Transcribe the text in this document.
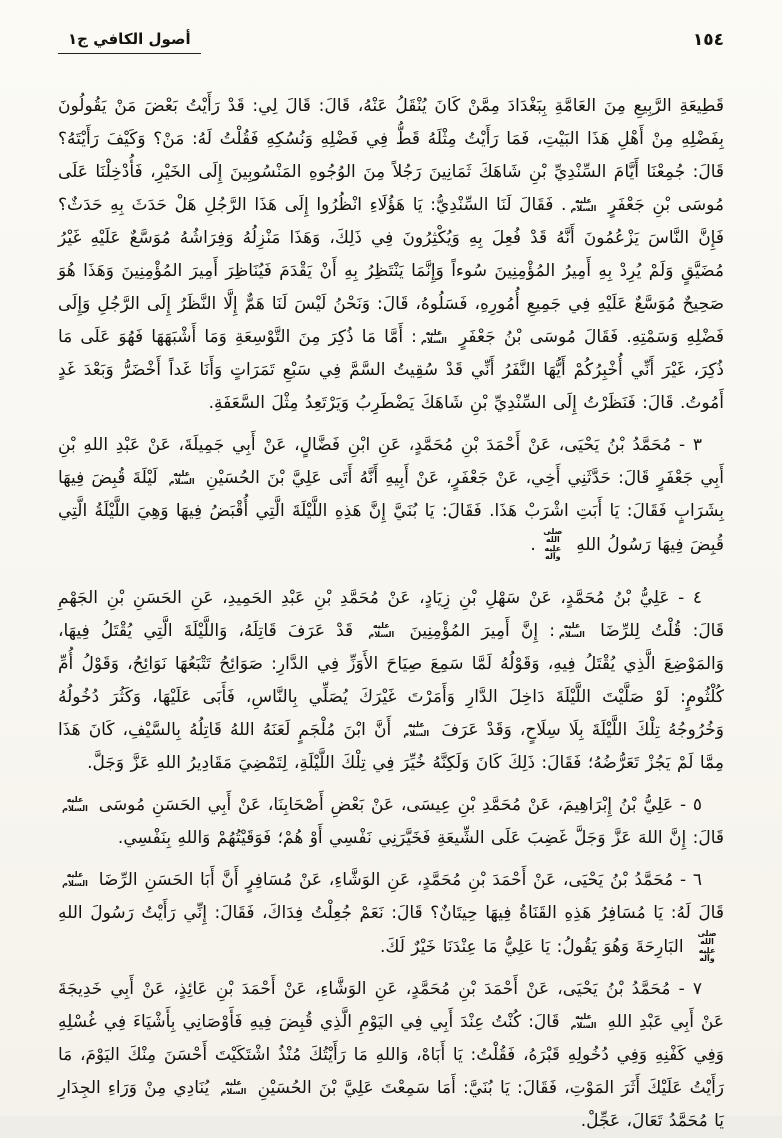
أصول الكافي ج١	١٥٤

قَطِيعَةِ الرَّبِيعِ مِنَ العَامَّةِ بِبَغْدَادَ مِمَّنْ كَانَ يُنْقَلُ عَنْهُ، قَالَ: قَالَ لِي: قَدْ رَأَيْتُ بَعْضَ مَنْ يَقُولُونَ بِفَضْلِهِ مِنْ أَهْلِ هَذَا البَيْتِ، فَمَا رَأَيْتُ مِثْلَهُ قَطُّ فِي فَضْلِهِ وَنُسُكِهِ فَقُلْتُ لَهُ: مَنْ؟ وَكَيْفَ رَأَيْتَهُ؟ قَالَ: جُمِعْنَا أَيَّامَ السِّنْدِيِّ بْنِ شَاهَكَ ثَمَانِينَ رَجُلاً مِنَ الوُجُوهِ المَنْسُوبِينَ إِلَى الخَيْرِ، فَأُدْخِلْنَا عَلَى مُوسَى بْنِ جَعْفَرٍ عليه السلام. فَقَالَ لَنَا السِّنْدِيُّ: يَا هَؤُلَاءِ انْظُرُوا إِلَى هَذَا الرَّجُلِ هَلْ حَدَثَ بِهِ حَدَثٌ؟ فَإِنَّ النَّاسَ يَزْعُمُونَ أَنَّهُ قَدْ فُعِلَ بِهِ وَيُكْثِرُونَ فِي ذَلِكَ، وَهَذَا مَنْزِلُهُ وَفِرَاشُهُ مُوَسَّعٌ عَلَيْهِ غَيْرُ مُضَيَّقٍ وَلَمْ يُرِدْ بِهِ أَمِيرُ المُؤْمِنِينَ سُوءاً وَإِنَّمَا يَنْتَظِرُ بِهِ أَنْ يَقْدَمَ فَيُنَاظِرَ أَمِيرَ المُؤْمِنِينَ وَهَذَا هُوَ صَحِيحٌ مُوَسَّعٌ عَلَيْهِ فِي جَمِيعِ أُمُورِهِ، فَسَلُوهُ، قَالَ: وَنَحْنُ لَيْسَ لَنَا هَمٌّ إِلَّا النَّظَرُ إِلَى الرَّجُلِ وَإِلَى فَضْلِهِ وَسَمْتِهِ. فَقَالَ مُوسَى بْنُ جَعْفَرٍ عليه السلام: أَمَّا مَا ذُكِرَ مِنَ التَّوْسِعَةِ وَمَا أَشْبَهَهَا فَهُوَ عَلَى مَا ذُكِرَ، غَيْرَ أَنِّي أُخْبِرُكُمْ أَيُّهَا النَّفَرُ أَنِّي قَدْ سُقِيتُ السَّمَّ فِي سَبْعِ تَمَرَاتٍ وَأَنَا غَداً أَخْضَرُّ وَبَعْدَ غَدٍ أَمُوتُ. قَالَ: فَنَظَرْتُ إِلَى السِّنْدِيِّ بْنِ شَاهَكَ يَضْطَرِبُ وَيَرْتَعِدُ مِثْلَ السَّعَفَةِ.

٣ - مُحَمَّدُ بْنُ يَحْيَى، عَنْ أَحْمَدَ بْنِ مُحَمَّدٍ، عَنِ ابْنِ فَضَّالٍ، عَنْ أَبِي جَمِيلَةَ، عَنْ عَبْدِ اللهِ بْنِ أَبِي جَعْفَرٍ قَالَ: حَدَّثَنِي أَخِي، عَنْ جَعْفَرٍ، عَنْ أَبِيهِ أَنَّهُ أَتَى عَلِيَّ بْنَ الحُسَيْنِ عليه السلام لَيْلَةَ قُبِضَ فِيهَا بِشَرَابٍ فَقَالَ: يَا أَبَتِ اشْرَبْ هَذَا. فَقَالَ: يَا بُنَيَّ إِنَّ هَذِهِ اللَّيْلَةَ الَّتِي أُقْبَضُ فِيهَا وَهِيَ اللَّيْلَةُ الَّتِي قُبِضَ فِيهَا رَسُولُ اللهِ صلى الله عليه وآله.

٤ - عَلِيُّ بْنُ مُحَمَّدٍ، عَنْ سَهْلِ بْنِ زِيَادٍ، عَنْ مُحَمَّدِ بْنِ عَبْدِ الحَمِيدِ، عَنِ الحَسَنِ بْنِ الجَهْمِ قَالَ: قُلْتُ لِلرِّضَا عليه السلام: إِنَّ أَمِيرَ المُؤْمِنِينَ عليه السلام قَدْ عَرَفَ قَاتِلَهُ، وَاللَّيْلَةَ الَّتِي يُقْتَلُ فِيهَا، وَالمَوْضِعَ الَّذِي يُقْتَلُ فِيهِ، وَقَوْلُهُ لَمَّا سَمِعَ صِيَاحَ الأَوَزِّ فِي الدَّارِ: صَوَائِحُ تَتْبَعُهَا نَوَائِحُ، وَقَوْلُ أُمِّ كُلْثُومٍ: لَوْ صَلَّيْتَ اللَّيْلَةَ دَاخِلَ الدَّارِ وَأَمَرْتَ غَيْرَكَ يُصَلِّي بِالنَّاسِ، فَأَبَى عَلَيْهَا، وَكَثُرَ دُخُولُهُ وَخُرُوجُهُ تِلْكَ اللَّيْلَةَ بِلَا سِلَاحٍ، وَقَدْ عَرَفَ عليه السلام أَنَّ ابْنَ مُلْجَمٍ لَعَنَهُ اللهُ قَاتِلُهُ بِالسَّيْفِ، كَانَ هَذَا مِمَّا لَمْ يَجُزْ تَعَرُّضُهُ؛ فَقَالَ: ذَلِكَ كَانَ وَلَكِنَّهُ خُيِّرَ فِي تِلْكَ اللَّيْلَةِ، لِتَمْضِيَ مَقَادِيرُ اللهِ عَزَّ وَجَلَّ.

٥ - عَلِيُّ بْنُ إِبْرَاهِيمَ، عَنْ مُحَمَّدِ بْنِ عِيسَى، عَنْ بَعْضِ أَصْحَابِنَا، عَنْ أَبِي الحَسَنِ مُوسَى عليه السلام قَالَ: إِنَّ اللهَ عَزَّ وَجَلَّ غَضِبَ عَلَى الشِّيعَةِ فَخَيَّرَنِي نَفْسِي أَوْ هُمْ؛ فَوَقَيْتُهُمْ وَاللهِ بِنَفْسِي.

٦ - مُحَمَّدُ بْنُ يَحْيَى، عَنْ أَحْمَدَ بْنِ مُحَمَّدٍ، عَنِ الوَشَّاءِ، عَنْ مُسَافِرٍ أَنَّ أَبَا الحَسَنِ الرِّضَا عليه السلام قَالَ لَهُ: يَا مُسَافِرُ هَذِهِ القَنَاةُ فِيهَا حِيتَانٌ؟ قَالَ: نَعَمْ جُعِلْتُ فِدَاكَ، فَقَالَ: إِنِّي رَأَيْتُ رَسُولَ اللهِ صلى الله عليه وآله البَارِحَةَ وَهُوَ يَقُولُ: يَا عَلِيُّ مَا عِنْدَنَا خَيْرٌ لَكَ.

٧ - مُحَمَّدُ بْنُ يَحْيَى، عَنْ أَحْمَدَ بْنِ مُحَمَّدٍ، عَنِ الوَشَّاءِ، عَنْ أَحْمَدَ بْنِ عَائِذٍ، عَنْ أَبِي خَدِيجَةَ عَنْ أَبِي عَبْدِ اللهِ عليه السلام قَالَ: كُنْتُ عِنْدَ أَبِي فِي اليَوْمِ الَّذِي قُبِضَ فِيهِ فَأَوْصَانِي بِأَشْيَاءَ فِي غُسْلِهِ وَفِي كَفْنِهِ وَفِي دُخُولِهِ قَبْرَهُ، فَقُلْتُ: يَا أَبَاهْ، وَاللهِ مَا رَأَيْتُكَ مُنْذُ اشْتَكَيْتَ أَحْسَنَ مِنْكَ اليَوْمَ، مَا رَأَيْتُ عَلَيْكَ أَثَرَ المَوْتِ، فَقَالَ: يَا بُنَيَّ: أَمَا سَمِعْتَ عَلِيَّ بْنَ الحُسَيْنِ عليه السلام يُنَادِي مِنْ وَرَاءِ الجِدَارِ يَا مُحَمَّدُ تَعَالَ، عَجِّلْ.
